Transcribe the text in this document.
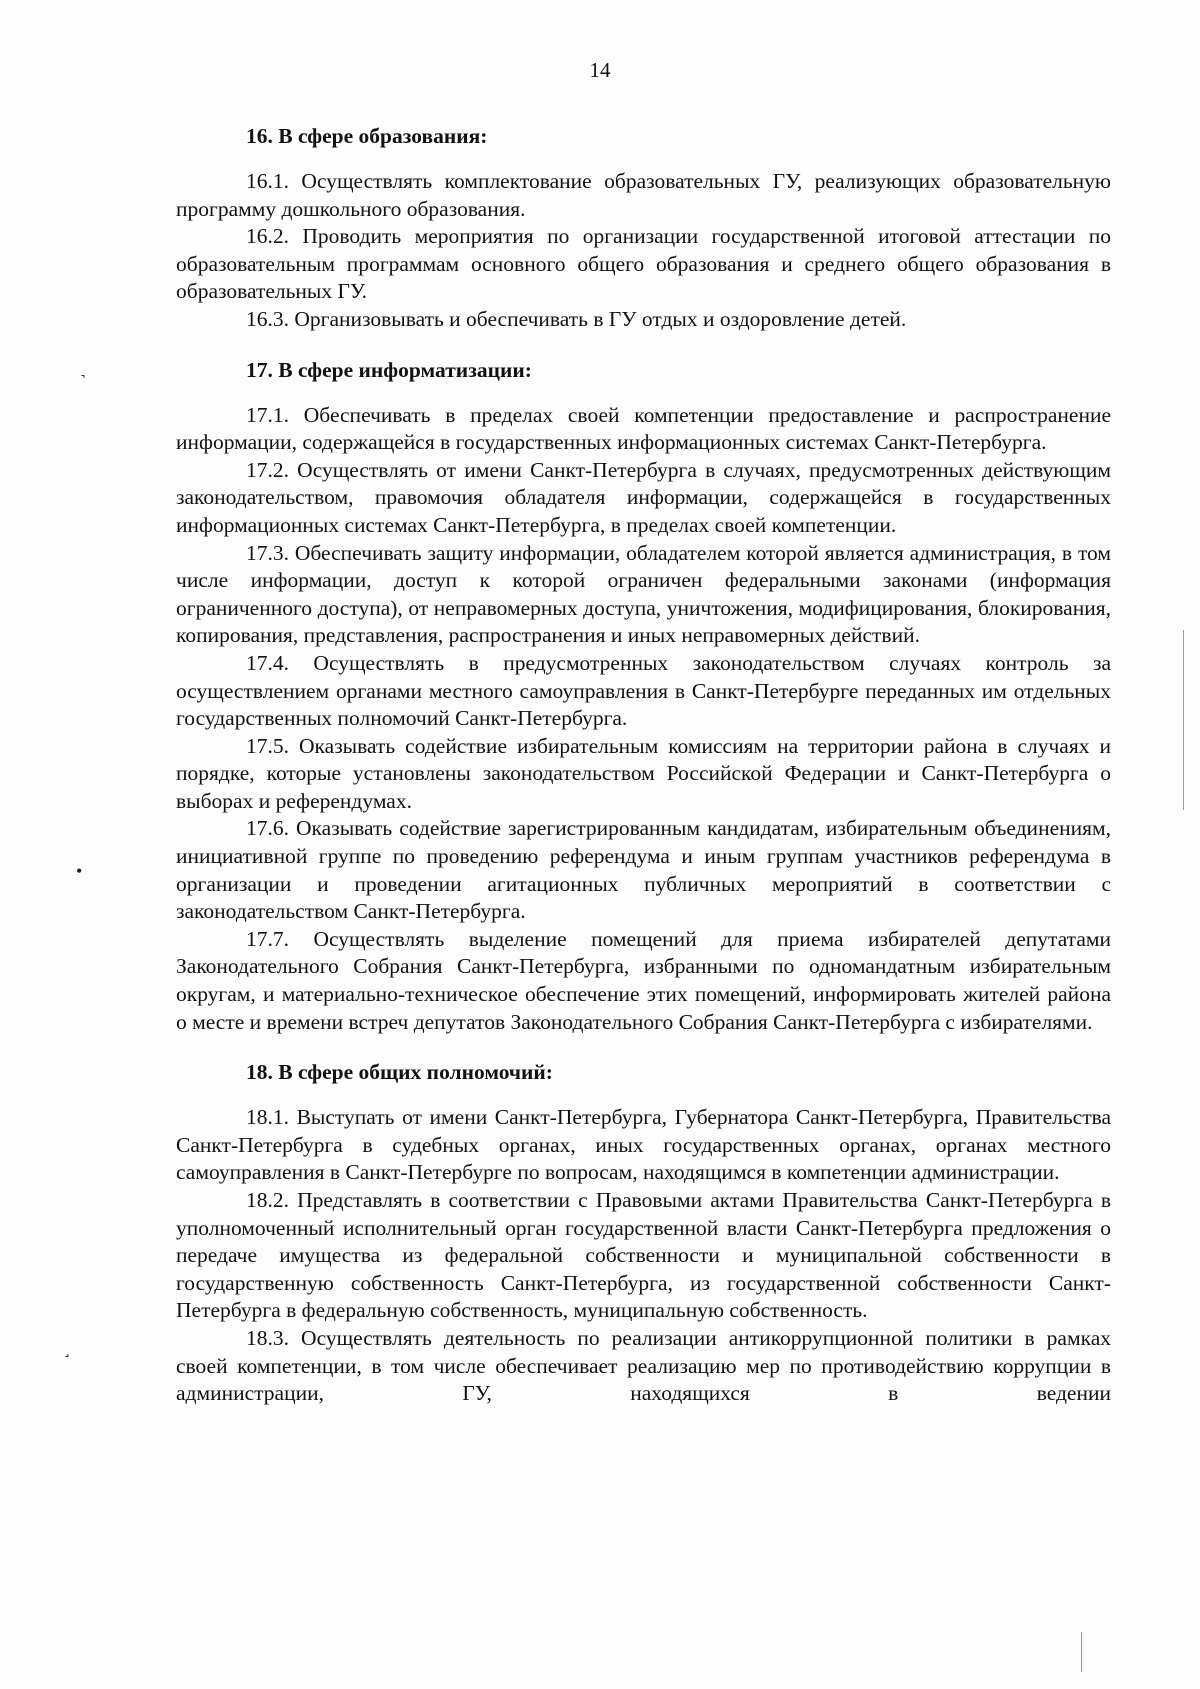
14

16. В сфере образования:

16.1. Осуществлять комплектование образовательных ГУ, реализующих образовательную программу дошкольного образования.

16.2. Проводить мероприятия по организации государственной итоговой аттестации по образовательным программам основного общего образования и среднего общего образования в образовательных ГУ.

16.3. Организовывать и обеспечивать в ГУ отдых и оздоровление детей.

17. В сфере информатизации:

17.1. Обеспечивать в пределах своей компетенции предоставление и распространение информации, содержащейся в государственных информационных системах Санкт-Петербурга.

17.2. Осуществлять от имени Санкт-Петербурга в случаях, предусмотренных действующим законодательством, правомочия обладателя информации, содержащейся в государственных информационных системах Санкт-Петербурга, в пределах своей компетенции.

17.3. Обеспечивать защиту информации, обладателем которой является администрация, в том числе информации, доступ к которой ограничен федеральными законами (информация ограниченного доступа), от неправомерных доступа, уничтожения, модифицирования, блокирования, копирования, представления, распространения и иных неправомерных действий.

17.4. Осуществлять в предусмотренных законодательством случаях контроль за осуществлением органами местного самоуправления в Санкт-Петербурге переданных им отдельных государственных полномочий Санкт-Петербурга.

17.5. Оказывать содействие избирательным комиссиям на территории района в случаях и порядке, которые установлены законодательством Российской Федерации и Санкт-Петербурга о выборах и референдумах.

17.6. Оказывать содействие зарегистрированным кандидатам, избирательным объединениям, инициативной группе по проведению референдума и иным группам участников референдума в организации и проведении агитационных публичных мероприятий в соответствии с законодательством Санкт-Петербурга.

17.7. Осуществлять выделение помещений для приема избирателей депутатами Законодательного Собрания Санкт-Петербурга, избранными по одномандатным избирательным округам, и материально-техническое обеспечение этих помещений, информировать жителей района о месте и времени встреч депутатов Законодательного Собрания Санкт-Петербурга с избирателями.

18. В сфере общих полномочий:

18.1. Выступать от имени Санкт-Петербурга, Губернатора Санкт-Петербурга, Правительства Санкт-Петербурга в судебных органах, иных государственных органах, органах местного самоуправления в Санкт-Петербурге по вопросам, находящимся в компетенции администрации.

18.2. Представлять в соответствии с Правовыми актами Правительства Санкт-Петербурга в уполномоченный исполнительный орган государственной власти Санкт-Петербурга предложения о передаче имущества из федеральной собственности и муниципальной собственности в государственную собственность Санкт-Петербурга, из государственной собственности Санкт-Петербурга в федеральную собственность, муниципальную собственность.

18.3. Осуществлять деятельность по реализации антикоррупционной политики в рамках своей компетенции, в том числе обеспечивает реализацию мер по противодействию коррупции в администрации, ГУ, находящихся в ведении

˺
•
˼
